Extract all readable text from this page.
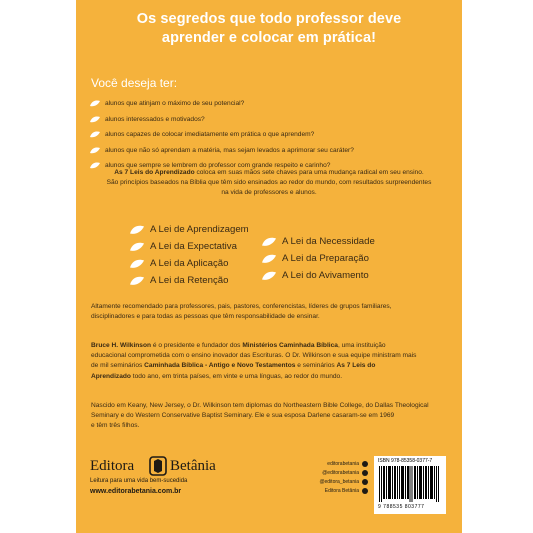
Os segredos que todo professor deve
aprender e colocar em prática!
Você deseja ter:
alunos que atinjam o máximo de seu potencial?
alunos interessados e motivados?
alunos capazes de colocar imediatamente em prática o que aprendem?
alunos que não só aprendam a matéria, mas sejam levados a aprimorar seu caráter?
alunos que sempre se lembrem do professor com grande respeito e carinho?
As 7 Leis do Aprendizado coloca em suas mãos sete chaves para uma mudança radical em seu ensino.
São princípios baseados na Bíblia que têm sido ensinados ao redor do mundo, com resultados surpreendentes
na vida de professores e alunos.
A Lei de Aprendizagem
A Lei da Expectativa
A Lei da Aplicação
A Lei da Retenção
A Lei da Necessidade
A Lei da Preparação
A Lei do Avivamento
Altamente recomendado para professores, pais, pastores, conferencistas, líderes de grupos familiares,
disciplinadores e para todas as pessoas que têm responsabilidade de ensinar.
Bruce H. Wilkinson é o presidente e fundador dos Ministérios Caminhada Bíblica, uma instituição
educacional comprometida com o ensino inovador das Escrituras. O Dr. Wilkinson e sua equipe ministram mais
de mil seminários Caminhada Bíblica - Antigo e Novo Testamentos e seminários As 7 Leis do
Aprendizado todo ano, em trinta países, em vinte e uma línguas, ao redor do mundo.
Nascido em Keany, New Jersey, o Dr. Wilkinson tem diplomas do Northeastern Bible College, do Dallas Theological
Seminary e do Western Conservative Baptist Seminary. Ele e sua esposa Darlene casaram-se em 1969
e têm três filhos.
Editora Betânia
Leitura para uma vida bem-sucedida
www.editorabetania.com.br
editorabetania
@editorabetania
@editora_betania
Editora Betânia
ISBN 978-85358-0377-7
9 788535 803777
